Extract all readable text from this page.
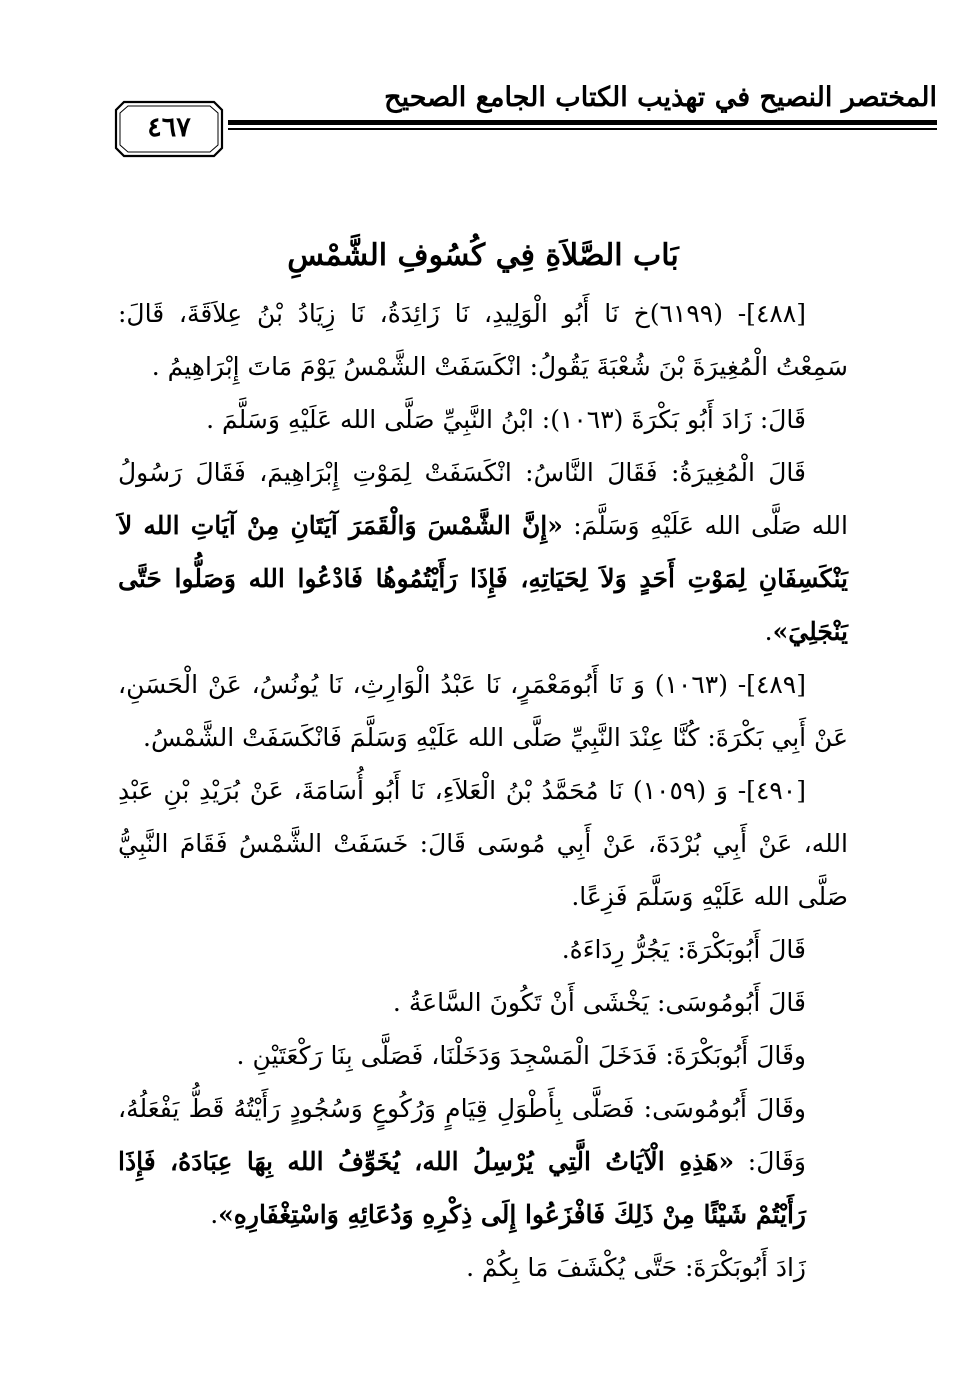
المختصر النصيح في تهذيب الكتاب الجامع الصحيح
٤٦٧
بَاب الصَّلاَةِ فِي كُسُوفِ الشَّمْسِ

[٤٨٨]- (٦١٩٩)خ نَا أَبُو الْوَلِيدِ، نَا زَائِدَةُ، نَا زِيَادُ بْنُ عِلاَقَةَ، قَالَ: سَمِعْتُ الْمُغِيرَةَ بْنَ شُعْبَةَ يَقُولُ: انْكَسَفَتْ الشَّمْسُ يَوْمَ مَاتَ إِبْرَاهِيمُ .

قَالَ: زَادَ أَبُو بَكْرَةَ (١٠٦٣): ابْنُ النَّبِيِّ صَلَّى الله عَلَيْهِ وَسَلَّمَ .

قَالَ الْمُغِيرَةُ: فَقَالَ النَّاسُ: انْكَسَفَتْ لِمَوْتِ إِبْرَاهِيمَ، فَقَالَ رَسُولُ الله صَلَّى الله عَلَيْهِ وَسَلَّمَ: «إِنَّ الشَّمْسَ وَالْقَمَرَ آيَتَانِ مِنْ آيَاتِ الله لاَ يَنْكَسِفَانِ لِمَوْتِ أَحَدٍ وَلاَ لِحَيَاتِهِ، فَإِذَا رَأَيْتُمُوهُا فَادْعُوا الله وَصَلُّوا حَتَّى يَنْجَلِيَ».

[٤٨٩]- (١٠٦٣) وَ نَا أَبُومَعْمَرٍ، نَا عَبْدُ الْوَارِثِ، نَا يُونُسُ، عَنْ الْحَسَنِ، عَنْ أَبِي بَكْرَةَ: كُنَّا عِنْدَ النَّبِيِّ صَلَّى الله عَلَيْهِ وَسَلَّمَ فَانْكَسَفَتْ الشَّمْسُ.

[٤٩٠]- وَ (١٠٥٩) نَا مُحَمَّدُ بْنُ الْعَلاَءِ، نَا أَبُو أُسَامَةَ، عَنْ بُرَيْدِ بْنِ عَبْدِ الله، عَنْ أَبِي بُرْدَةَ، عَنْ أَبِي مُوسَى قَالَ: خَسَفَتْ الشَّمْسُ فَقَامَ النَّبِيُّ صَلَّى الله عَلَيْهِ وَسَلَّمَ فَزِعًا.

قَالَ أَبُوبَكْرَةَ: يَجُرُّ رِدَاءَهُ.

قَالَ أَبُومُوسَى: يَخْشَى أَنْ تَكُونَ السَّاعَةُ .

وقَالَ أَبُوبَكْرَةَ: فَدَخَلَ الْمَسْجِدَ وَدَخَلْنَا، فَصَلَّى بِنَا رَكْعَتَيْنِ .

وقَالَ أَبُومُوسَى: فَصَلَّى بِأَطْوَلِ قِيَامٍ وَرُكُوعٍ وَسُجُودٍ رَأَيْتُهُ قَطُّ يَفْعَلُهُ، وَقَالَ: «هَذِهِ الْآيَاتُ الَّتِي يُرْسِلُ الله، يُخَوِّفُ الله بِهَا عِبَادَهُ، فَإِذَا رَأَيْتُمْ شَيْئًا مِنْ ذَلِكَ فَافْزَعُوا إِلَى ذِكْرِهِ وَدُعَائِهِ وَاسْتِغْفَارِهِ».

زَادَ أَبُوبَكْرَةَ: حَتَّى يُكْشَفَ مَا بِكُمْ .
